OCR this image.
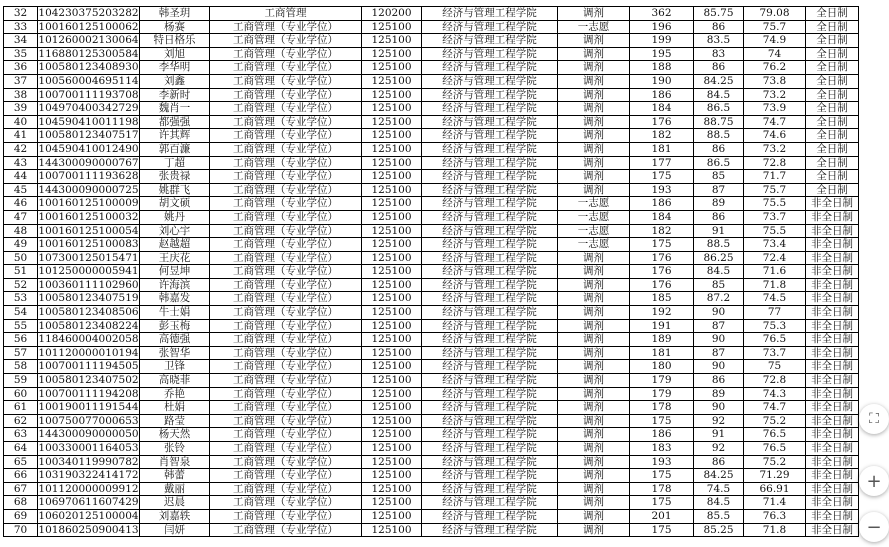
32	104230375203282	韩圣玥	工商管理	120200	经济与管理工程学院	调剂	362	85.75	79.08	全日制
33	100160125100062	杨赛	工商管理（专业学位）	125100	经济与管理工程学院	一志愿	196	86	75.7	全日制
34	101260002130064	特日格乐	工商管理（专业学位）	125100	经济与管理工程学院	调剂	199	83.5	74.9	全日制
35	116880125300584	刘旭	工商管理（专业学位）	125100	经济与管理工程学院	调剂	195	83	74	全日制
36	100580123408930	李华明	工商管理（专业学位）	125100	经济与管理工程学院	调剂	188	86	76.2	全日制
37	100560004695114	刘鑫	工商管理（专业学位）	125100	经济与管理工程学院	调剂	190	84.25	73.8	全日制
38	100700111193708	李新时	工商管理（专业学位）	125100	经济与管理工程学院	调剂	186	84.5	73.2	全日制
39	104970400342729	魏肖一	工商管理（专业学位）	125100	经济与管理工程学院	调剂	184	86.5	73.9	全日制
40	104590410011198	都强强	工商管理（专业学位）	125100	经济与管理工程学院	调剂	176	88.75	74.7	全日制
41	100580123407517	许其辉	工商管理（专业学位）	125100	经济与管理工程学院	调剂	182	88.5	74.6	全日制
42	104590410012490	郭百濂	工商管理（专业学位）	125100	经济与管理工程学院	调剂	181	86	73.2	全日制
43	144300090000767	丁超	工商管理（专业学位）	125100	经济与管理工程学院	调剂	177	86.5	72.8	全日制
44	100700111193628	张贵禄	工商管理（专业学位）	125100	经济与管理工程学院	调剂	175	85	71.7	全日制
45	144300090000725	姚群飞	工商管理（专业学位）	125100	经济与管理工程学院	调剂	193	87	75.7	全日制
46	100160125100009	胡文硕	工商管理（专业学位）	125100	经济与管理工程学院	一志愿	186	89	75.5	非全日制
47	100160125100032	姚丹	工商管理（专业学位）	125100	经济与管理工程学院	一志愿	184	86	73.7	非全日制
48	100160125100054	刘心宇	工商管理（专业学位）	125100	经济与管理工程学院	一志愿	182	91	75.5	非全日制
49	100160125100083	赵越超	工商管理（专业学位）	125100	经济与管理工程学院	一志愿	175	88.5	73.4	非全日制
50	107300125015471	王庆花	工商管理（专业学位）	125100	经济与管理工程学院	调剂	176	86.25	72.4	非全日制
51	101250000005941	何昱坤	工商管理（专业学位）	125100	经济与管理工程学院	调剂	176	84.5	71.6	非全日制
52	100360111102960	许海滨	工商管理（专业学位）	125100	经济与管理工程学院	调剂	176	85	71.8	非全日制
53	100580123407519	韩嘉发	工商管理（专业学位）	125100	经济与管理工程学院	调剂	185	87.2	74.5	非全日制
54	100580123408506	牛士娟	工商管理（专业学位）	125100	经济与管理工程学院	调剂	192	90	77	非全日制
55	100580123408224	彭玉梅	工商管理（专业学位）	125100	经济与管理工程学院	调剂	191	87	75.3	非全日制
56	118460004002058	高德强	工商管理（专业学位）	125100	经济与管理工程学院	调剂	189	90	76.5	非全日制
57	101120000010194	张智华	工商管理（专业学位）	125100	经济与管理工程学院	调剂	181	87	73.7	非全日制
58	100700111194505	卫锋	工商管理（专业学位）	125100	经济与管理工程学院	调剂	180	90	75	非全日制
59	100580123407502	高晓菲	工商管理（专业学位）	125100	经济与管理工程学院	调剂	179	86	72.8	非全日制
60	100700111194208	乔艳	工商管理（专业学位）	125100	经济与管理工程学院	调剂	179	89	74.3	非全日制
61	100190011191544	杜娟	工商管理（专业学位）	125100	经济与管理工程学院	调剂	178	90	74.7	非全日制
62	100750077000653	路莹	工商管理（专业学位）	125100	经济与管理工程学院	调剂	175	92	75.2	非全日制
63	144300090000050	杨天然	工商管理（专业学位）	125100	经济与管理工程学院	调剂	186	91	76.5	非全日制
64	100330001164053	张铃	工商管理（专业学位）	125100	经济与管理工程学院	调剂	183	92	76.5	非全日制
65	100340119990782	肖智泉	工商管理（专业学位）	125100	经济与管理工程学院	调剂	193	86	75.2	非全日制
66	103190322414172	韩蕾	工商管理（专业学位）	125100	经济与管理工程学院	调剂	175	84.25	71.29	非全日制
67	101120000009912	戴丽	工商管理（专业学位）	125100	经济与管理工程学院	调剂	178	74.5	66.91	非全日制
68	106970611607429	迟晨	工商管理（专业学位）	125100	经济与管理工程学院	调剂	175	84.5	71.4	非全日制
69	106020125100004	刘嘉轶	工商管理（专业学位）	125100	经济与管理工程学院	调剂	201	85.5	76.3	非全日制
70	101860250900413	闫妍	工商管理（专业学位）	125100	经济与管理工程学院	调剂	175	85.25	71.8	非全日制
⛶
+
−
